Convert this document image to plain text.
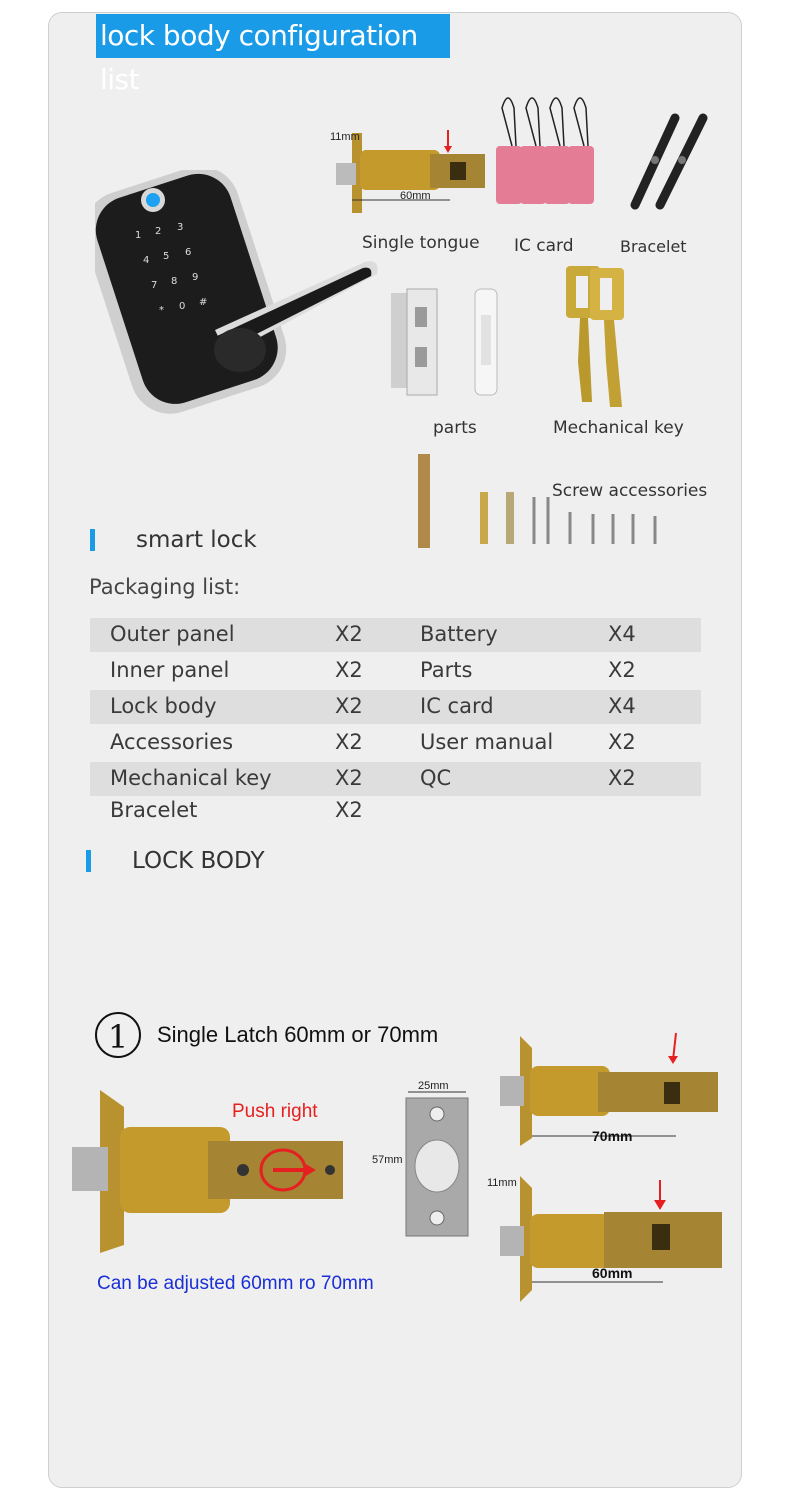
lock body configuration list
3
2
1
6
5
4
9
8
7
#
0
*
11mm
60mm
Single tongue IC card	Bracelet
parts	Mechanical key
Screw accessories
smart lock
Packaging list:
Outer panel	X2	Battery	X4
Inner panel	X2	Parts	X2
Lock body	X2	IC card	X4
Accessories	X2	User manual	X2
Mechanical key	X2	QC	X2
Bracelet	X2
LOCK BODY
1	Single Latch 60mm or 70mm
Push right
Can be adjusted 60mm ro 70mm
25mm
57mm
70mm
11mm
60mm
